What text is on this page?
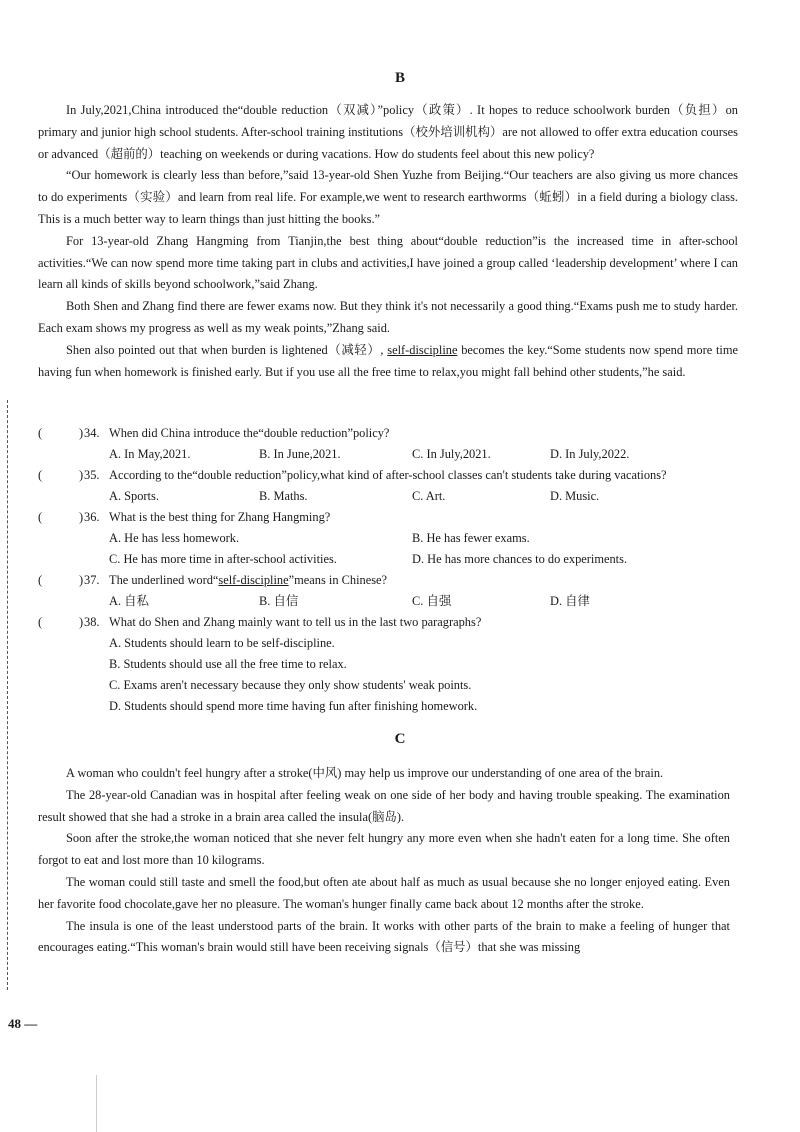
B

In July,2021,China introduced the“double reduction（双减）”policy（政策）. It hopes to reduce schoolwork burden（负担）on primary and junior high school students. After-school training institutions（校外培训机构）are not allowed to offer extra education courses or advanced（超前的）teaching on weekends or during vacations. How do students feel about this new policy?

“Our homework is clearly less than before,”said 13-year-old Shen Yuzhe from Beijing.“Our teachers are also giving us more chances to do experiments（实验）and learn from real life. For example,we went to research earthworms（蚯蚓）in a field during a biology class. This is a much better way to learn things than just hitting the books.”

For 13-year-old Zhang Hangming from Tianjin,the best thing about“double reduction”is the increased time in after-school activities.“We can now spend more time taking part in clubs and activities,I have joined a group called ‘leadership development’ where I can learn all kinds of skills beyond schoolwork,”said Zhang.

Both Shen and Zhang find there are fewer exams now. But they think it's not necessarily a good thing.“Exams push me to study harder. Each exam shows my progress as well as my weak points,”Zhang said.

Shen also pointed out that when burden is lightened（减轻）, self-discipline becomes the key.“Some students now spend more time having fun when homework is finished early. But if you use all the free time to relax,you might fall behind other students,”he said.

(	) 34. When did China introduce the“double reduction”policy?
A. In May,2021.	B. In June,2021.	C. In July,2021.	D. In July,2022.
(	) 35. According to the“double reduction”policy,what kind of after-school classes can't students take during vacations?
A. Sports.	B. Maths.	C. Art.	D. Music.
(	) 36. What is the best thing for Zhang Hangming?
A. He has less homework.	B. He has fewer exams.
C. He has more time in after-school activities.	D. He has more chances to do experiments.
(	) 37. The underlined word“self-discipline”means in Chinese?
A. 自私	B. 自信	C. 自强	D. 自律
(	) 38. What do Shen and Zhang mainly want to tell us in the last two paragraphs?
A. Students should learn to be self-discipline.
B. Students should use all the free time to relax.
C. Exams aren't necessary because they only show students' weak points.
D. Students should spend more time having fun after finishing homework.
C

A woman who couldn't feel hungry after a stroke(中风) may help us improve our understanding of one area of the brain.

The 28-year-old Canadian was in hospital after feeling weak on one side of her body and having trouble speaking. The examination result showed that she had a stroke in a brain area called the insula(脑岛).

Soon after the stroke,the woman noticed that she never felt hungry any more even when she hadn't eaten for a long time. She often forgot to eat and lost more than 10 kilograms.

The woman could still taste and smell the food,but often ate about half as much as usual because she no longer enjoyed eating. Even her favorite food chocolate,gave her no pleasure. The woman's hunger finally came back about 12 months after the stroke.

The insula is one of the least understood parts of the brain. It works with other parts of the brain to make a feeling of hunger that encourages eating.“This woman's brain would still have been receiving signals（信号）that she was missing

48 —
